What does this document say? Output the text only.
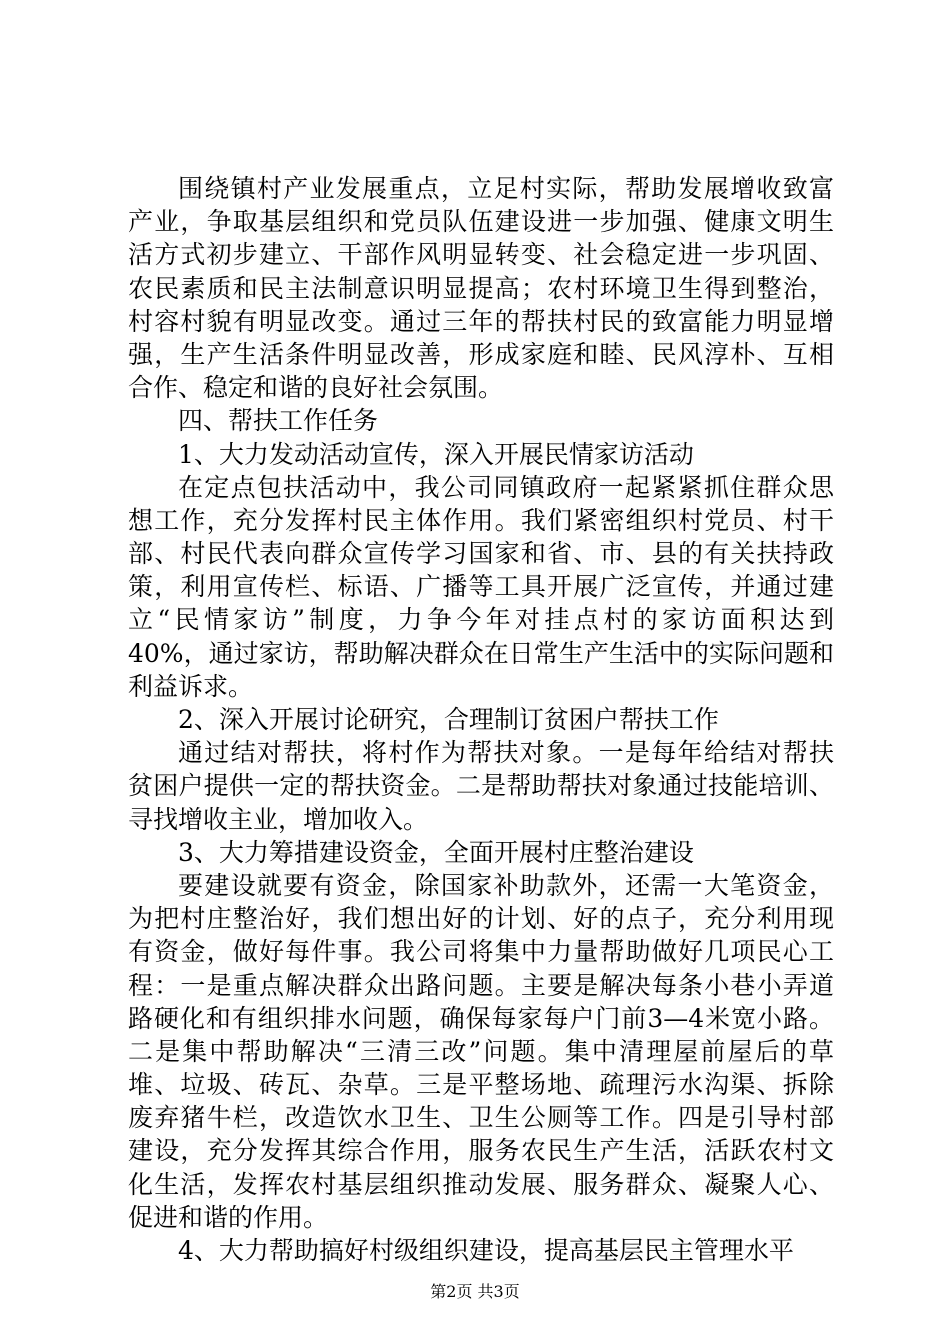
围绕镇村产业发展重点，立足村实际，帮助发展增收致富
产业，争取基层组织和党员队伍建设进一步加强、健康文明生
活方式初步建立、干部作风明显转变、社会稳定进一步巩固、
农民素质和民主法制意识明显提高；农村环境卫生得到整治，
村容村貌有明显改变。通过三年的帮扶村民的致富能力明显增
强，生产生活条件明显改善，形成家庭和睦、民风淳朴、互相
合作、稳定和谐的良好社会氛围。
四、帮扶工作任务
1、大力发动活动宣传，深入开展民情家访活动
在定点包扶活动中，我公司同镇政府一起紧紧抓住群众思
想工作，充分发挥村民主体作用。我们紧密组织村党员、村干
部、村民代表向群众宣传学习国家和省、市、县的有关扶持政
策，利用宣传栏、标语、广播等工具开展广泛宣传，并通过建
立“民情家访”制度，力争今年对挂点村的家访面积达到
40%，通过家访，帮助解决群众在日常生产生活中的实际问题和
利益诉求。
2、深入开展讨论研究，合理制订贫困户帮扶工作
通过结对帮扶，将村作为帮扶对象。一是每年给结对帮扶
贫困户提供一定的帮扶资金。二是帮助帮扶对象通过技能培训、
寻找增收主业，增加收入。
3、大力筹措建设资金，全面开展村庄整治建设
要建设就要有资金，除国家补助款外，还需一大笔资金，
为把村庄整治好，我们想出好的计划、好的点子，充分利用现
有资金，做好每件事。我公司将集中力量帮助做好几项民心工
程：一是重点解决群众出路问题。主要是解决每条小巷小弄道
路硬化和有组织排水问题，确保每家每户门前3—4米宽小路。
二是集中帮助解决“三清三改”问题。集中清理屋前屋后的草
堆、垃圾、砖瓦、杂草。三是平整场地、疏理污水沟渠、拆除
废弃猪牛栏，改造饮水卫生、卫生公厕等工作。四是引导村部
建设，充分发挥其综合作用，服务农民生产生活，活跃农村文
化生活，发挥农村基层组织推动发展、服务群众、凝聚人心、
促进和谐的作用。
4、大力帮助搞好村级组织建设，提高基层民主管理水平
第2页 共3页
